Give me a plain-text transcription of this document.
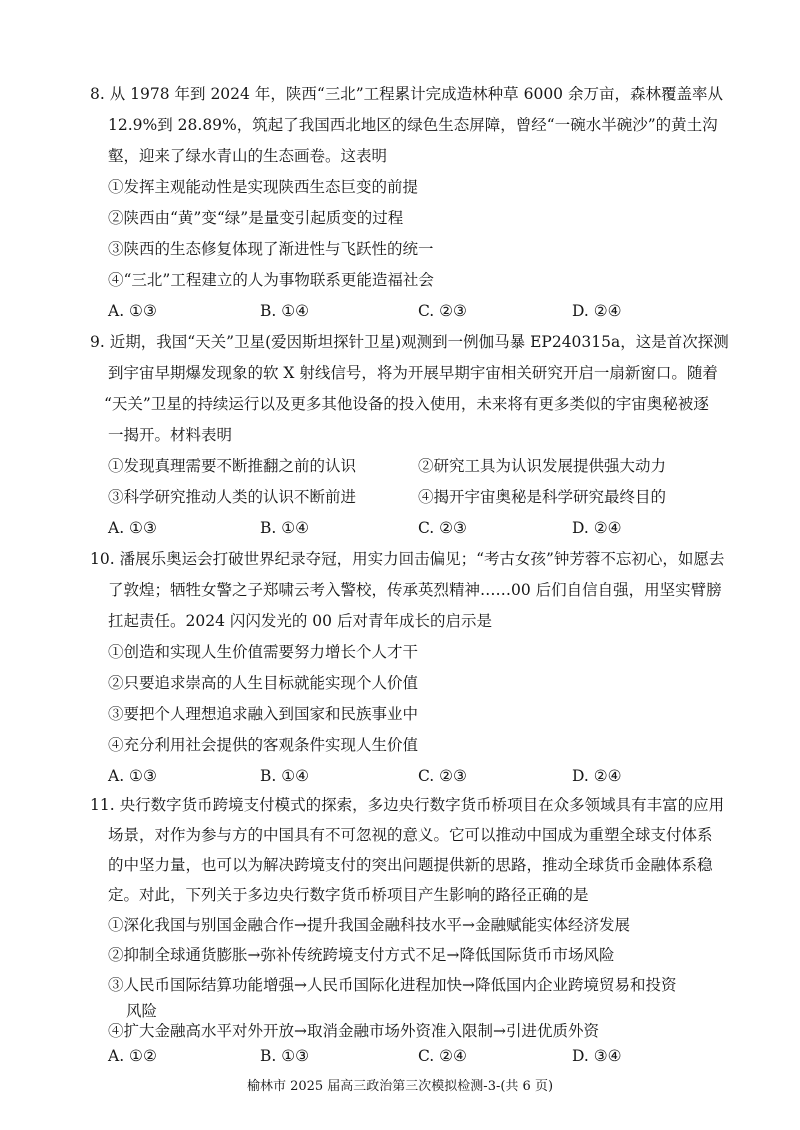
8. 从 1978 年到 2024 年，陕西“三北”工程累计完成造林种草 6000 余万亩，森林覆盖率从
12.9%到 28.89%，筑起了我国西北地区的绿色生态屏障，曾经“一碗水半碗沙”的黄土沟
壑，迎来了绿水青山的生态画卷。这表明
①发挥主观能动性是实现陕西生态巨变的前提
②陕西由“黄”变“绿”是量变引起质变的过程
③陕西的生态修复体现了渐进性与飞跃性的统一
④“三北”工程建立的人为事物联系更能造福社会
A. ①③	B. ①④	C. ②③	D. ②④
9. 近期，我国“天关”卫星(爱因斯坦探针卫星)观测到一例伽马暴 EP240315a，这是首次探测
到宇宙早期爆发现象的软 X 射线信号，将为开展早期宇宙相关研究开启一扇新窗口。随着
“天关”卫星的持续运行以及更多其他设备的投入使用，未来将有更多类似的宇宙奥秘被逐
一揭开。材料表明
①发现真理需要不断推翻之前的认识	②研究工具为认识发展提供强大动力
③科学研究推动人类的认识不断前进	④揭开宇宙奥秘是科学研究最终目的
A. ①③	B. ①④	C. ②③	D. ②④
10. 潘展乐奥运会打破世界纪录夺冠，用实力回击偏见；“考古女孩”钟芳蓉不忘初心，如愿去
了敦煌；牺牲女警之子郑啸云考入警校，传承英烈精神……00 后们自信自强，用坚实臂膀
扛起责任。2024 闪闪发光的 00 后对青年成长的启示是
①创造和实现人生价值需要努力增长个人才干
②只要追求崇高的人生目标就能实现个人价值
③要把个人理想追求融入到国家和民族事业中
④充分利用社会提供的客观条件实现人生价值
A. ①③	B. ①④	C. ②③	D. ②④
11. 央行数字货币跨境支付模式的探索，多边央行数字货币桥项目在众多领域具有丰富的应用
场景，对作为参与方的中国具有不可忽视的意义。它可以推动中国成为重塑全球支付体系
的中坚力量，也可以为解决跨境支付的突出问题提供新的思路，推动全球货币金融体系稳
定。对此，下列关于多边央行数字货币桥项目产生影响的路径正确的是
①深化我国与别国金融合作→提升我国金融科技水平→金融赋能实体经济发展
②抑制全球通货膨胀→弥补传统跨境支付方式不足→降低国际货币市场风险
③人民币国际结算功能增强→人民币国际化进程加快→降低国内企业跨境贸易和投资
风险
④扩大金融高水平对外开放→取消金融市场外资准入限制→引进优质外资
榆林市 2025 届高三政治第三次模拟检测-3-(共 6 页)
A. ①②	B. ①③	C. ②④	D. ③④
